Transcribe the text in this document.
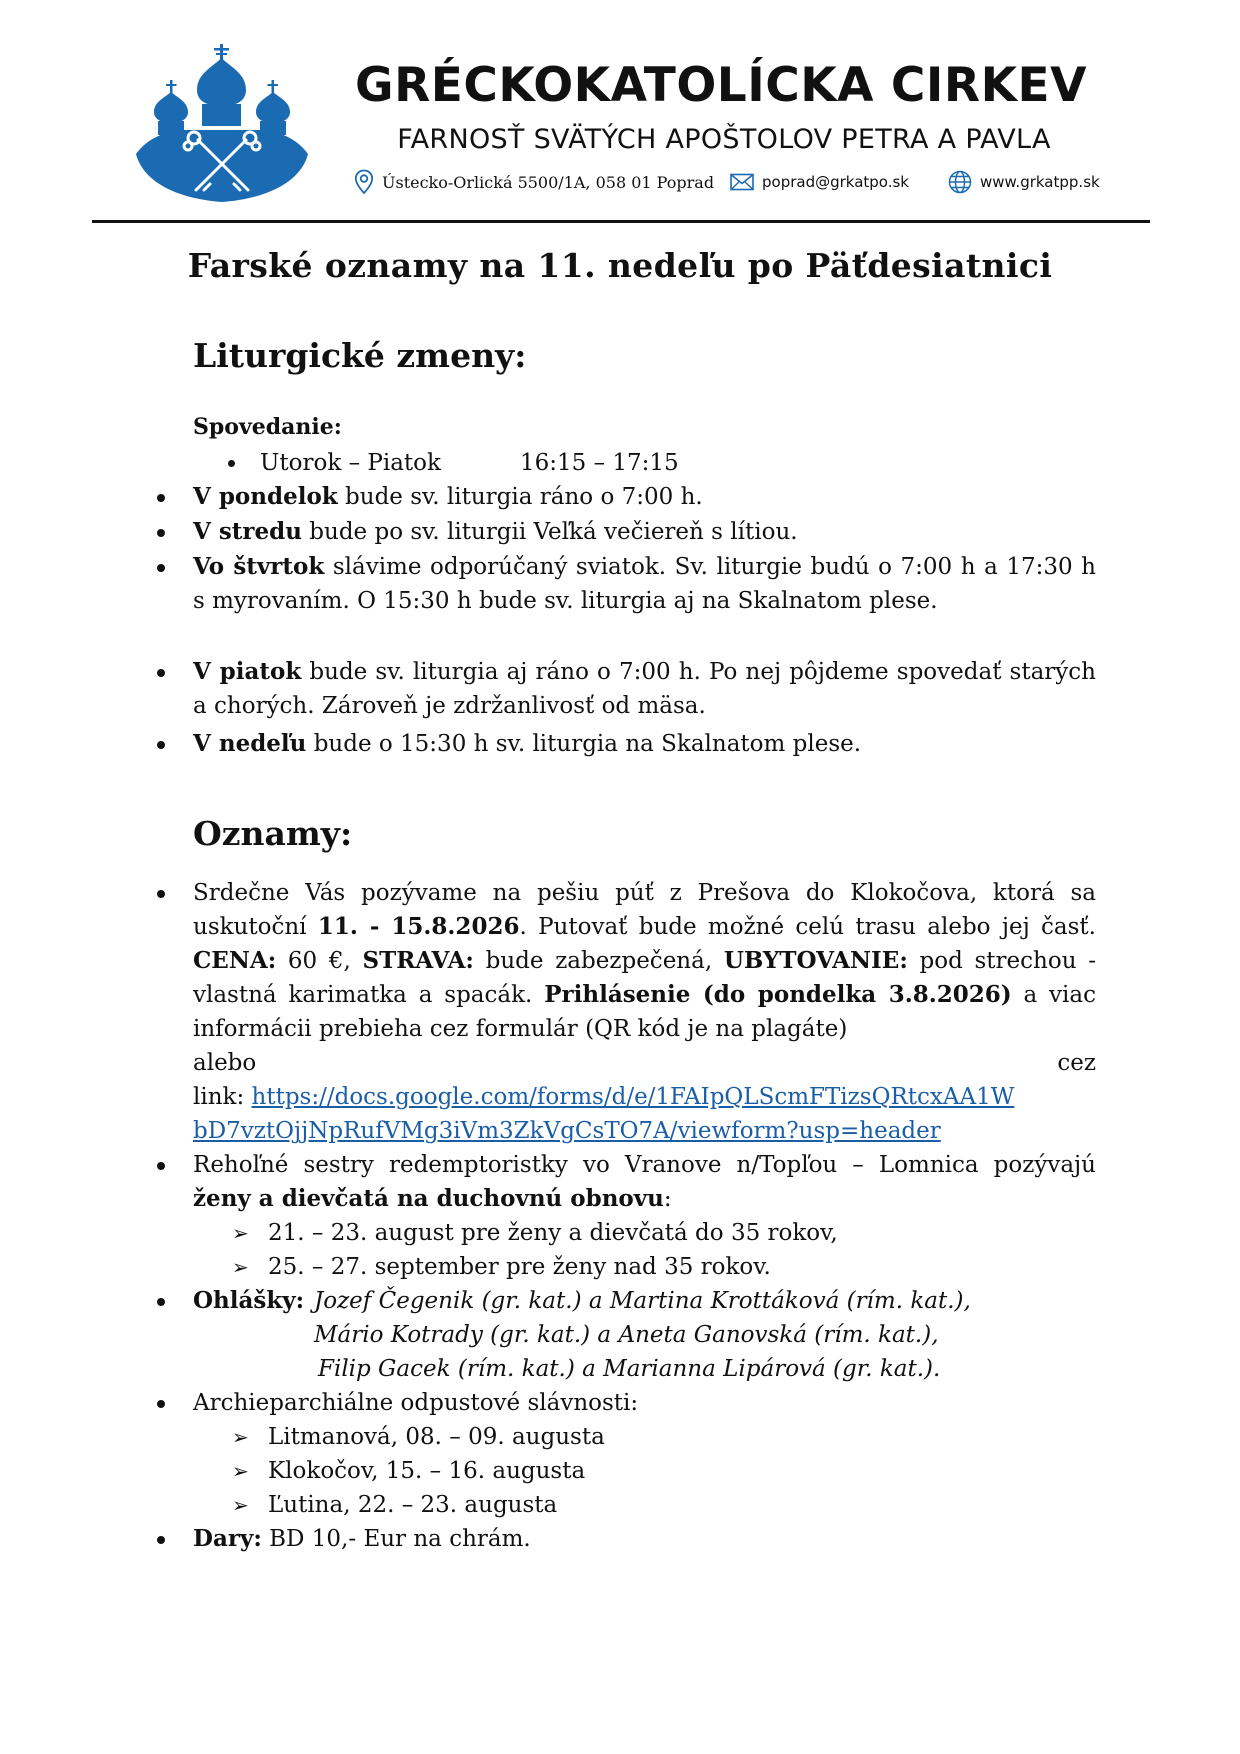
GRÉCKOKATOLÍCKA CIRKEV
FARNOSŤ SVÄTÝCH APOŠTOLOV PETRA A PAVLA
Ústecko-Orlická 5500/1A, 058 01 Poprad	poprad@grkatpo.sk	www.grkatpp.sk
Farské oznamy na 11. nedeľu po Päťdesiatnici
Liturgické zmeny:
Spovedanie:
Utorok – Piatok	16:15 – 17:15
V pondelok bude sv. liturgia ráno o 7:00 h.
V stredu bude po sv. liturgii Veľká večiereň s lítiou.
Vo štvrtok slávime odporúčaný sviatok. Sv. liturgie budú o 7:00 h a 17:30 h s myrovaním. O 15:30 h bude sv. liturgia aj na Skalnatom plese.
V piatok bude sv. liturgia aj ráno o 7:00 h. Po nej pôjdeme spovedať starých a chorých. Zároveň je zdržanlivosť od mäsa.
V nedeľu bude o 15:30 h sv. liturgia na Skalnatom plese.
Oznamy:
Srdečne Vás pozývame na pešiu púť z Prešova do Klokočova, ktorá sa uskutoční 11. - 15.8.2026. Putovať bude možné celú trasu alebo jej časť. CENA: 60 €, STRAVA: bude zabezpečená, UBYTOVANIE: pod strechou - vlastná karimatka a spacák. Prihlásenie (do pondelka 3.8.2026) a viac informácii prebieha cez formulár (QR kód je na plagáte)
alebo	cez
link: https://docs.google.com/forms/d/e/1FAIpQLScmFTizsQRtcxAA1W
bD7vztOjjNpRufVMg3iVm3ZkVgCsTO7A/viewform?usp=header
Rehoľné sestry redemptoristky vo Vranove n/Topľou – Lomnica pozývajú ženy a dievčatá na duchovnú obnovu:
➢ 21. – 23. august pre ženy a dievčatá do 35 rokov,
➢ 25. – 27. september pre ženy nad 35 rokov.
Ohlášky: Jozef Čegenik (gr. kat.) a Martina Krottáková (rím. kat.),
Mário Kotrady (gr. kat.) a Aneta Ganovská (rím. kat.),
Filip Gacek (rím. kat.) a Marianna Lipárová (gr. kat.).
Archieparchiálne odpustové slávnosti:
➢ Litmanová, 08. – 09. augusta
➢ Klokočov, 15. – 16. augusta
➢ Ľutina, 22. – 23. augusta
Dary: BD 10,- Eur na chrám.
